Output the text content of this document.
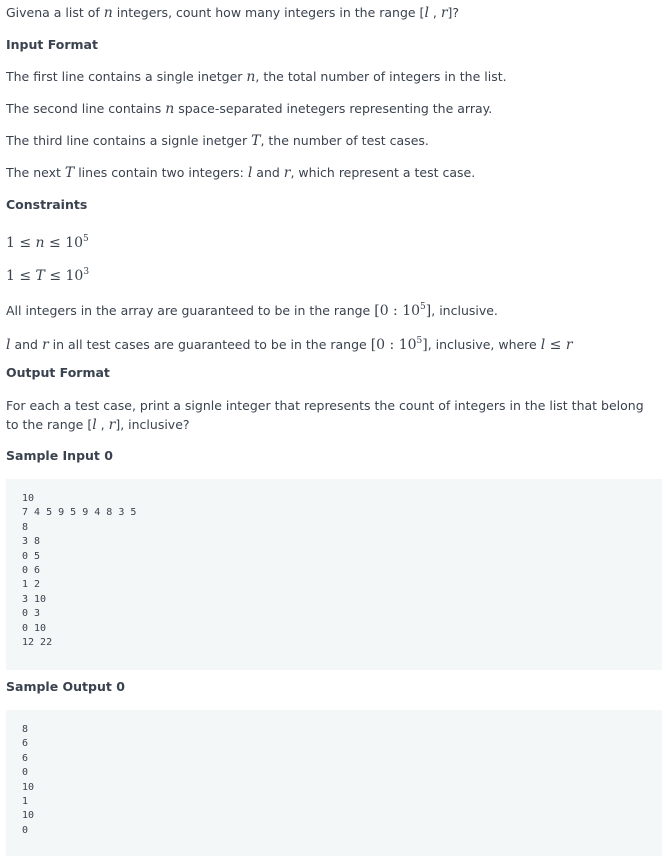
Givena a list of n integers, count how many integers in the range [l , r]?
Input Format
The first line contains a single inetger n, the total number of integers in the list.
The second line contains n space-separated inetegers representing the array.
The third line contains a signle inetger T, the number of test cases.
The next T lines contain two integers: l and r, which represent a test case.
Constraints
$1 \le n \le 10^5$
$1 \le T \le 10^3$
All integers in the array are guaranteed to be in the range [0 : $10^5$], inclusive.
l and r in all test cases are guaranteed to be in the range [0 : $10^5$], inclusive, where l ≤ r
Output Format
For each a test case, print a signle integer that represents the count of integers in the list that belong to the range [l , r], inclusive?
Sample Input 0
10
7 4 5 9 5 9 4 8 3 5
8
3 8
0 5
0 6
1 2
3 10
0 3
0 10
12 22
Sample Output 0
8
6
6
0
10
1
10
0
